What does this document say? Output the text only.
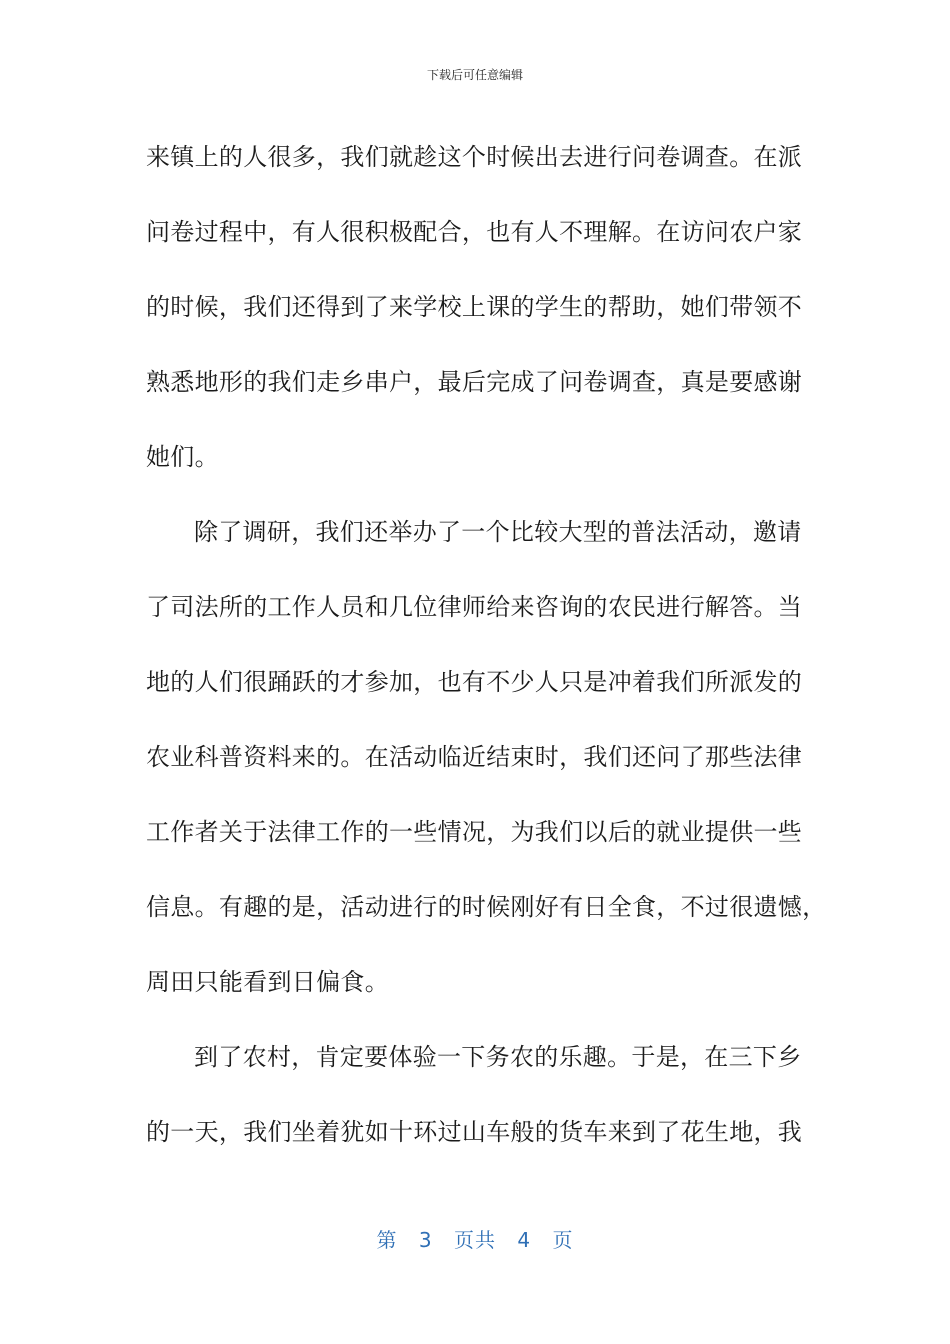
下载后可任意编辑
来镇上的人很多，我们就趁这个时候出去进行问卷调查。在派
问卷过程中，有人很积极配合，也有人不理解。在访问农户家
的时候，我们还得到了来学校上课的学生的帮助，她们带领不
熟悉地形的我们走乡串户，最后完成了问卷调查，真是要感谢
她们。
除了调研，我们还举办了一个比较大型的普法活动，邀请
了司法所的工作人员和几位律师给来咨询的农民进行解答。当
地的人们很踊跃的才参加，也有不少人只是冲着我们所派发的
农业科普资料来的。在活动临近结束时，我们还问了那些法律
工作者关于法律工作的一些情况，为我们以后的就业提供一些
信息。有趣的是，活动进行的时候刚好有日全食，不过很遗憾，
周田只能看到日偏食。
到了农村，肯定要体验一下务农的乐趣。于是，在三下乡
的一天，我们坐着犹如十环过山车般的货车来到了花生地，我
第 3 页共 4 页
